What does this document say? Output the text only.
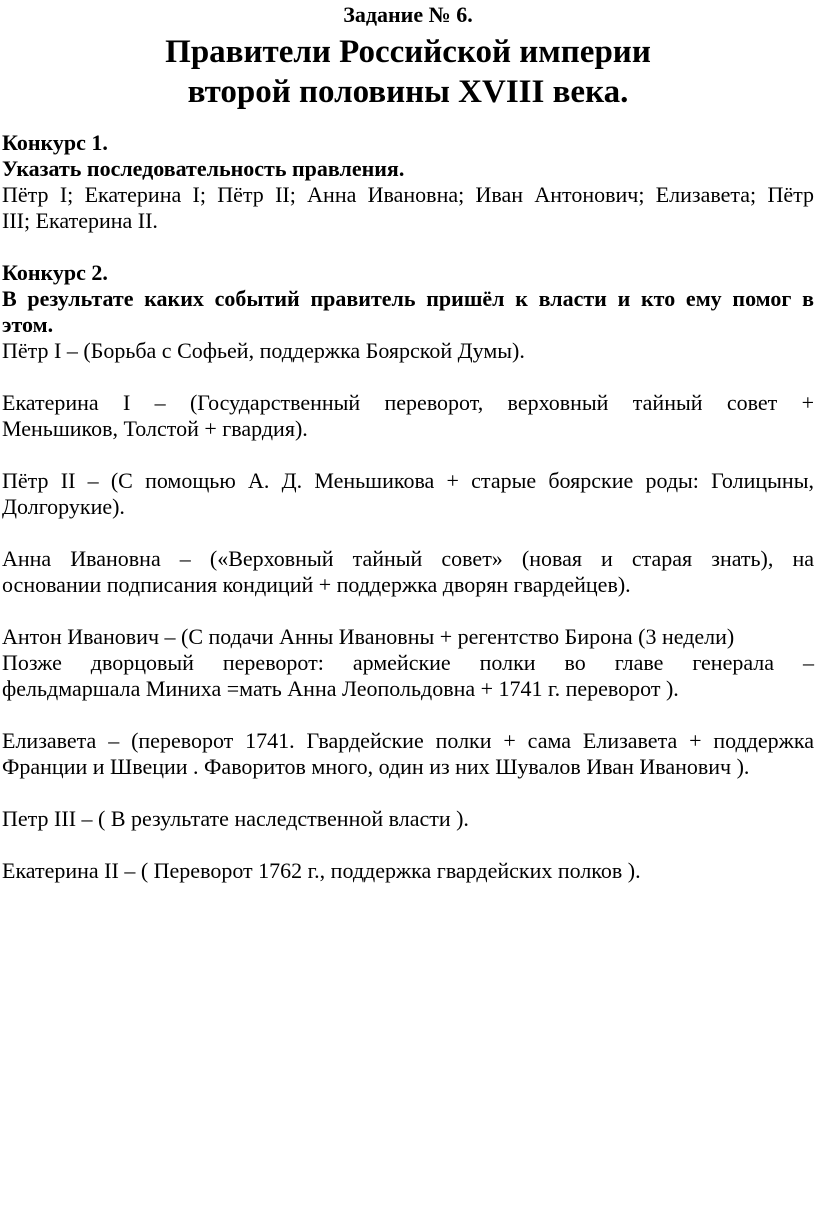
Задание № 6.

Правители Российской империи
второй половины XVIII века.

Конкурс 1.

Указать последовательность правления.

Пётр I; Екатерина I; Пётр II; Анна Ивановна; Иван Антонович; Елизавета; Пётр
III; Екатерина II.

Конкурс 2.

В результате каких событий правитель пришёл к власти и кто ему помог в
этом.

Пётр I – (Борьба с Софьей, поддержка Боярской Думы).

Екатерина I – (Государственный переворот, верховный тайный совет +
Меньшиков, Толстой + гвардия).

Пётр II – (С помощью А. Д. Меньшикова + старые боярские роды: Голицыны,
Долгорукие).

Анна Ивановна – («Верховный тайный совет» (новая и старая знать), на
основании подписания кондиций + поддержка дворян гвардейцев).

Антон Иванович – (С подачи Анны Ивановны + регентство Бирона (3 недели)
Позже дворцовый переворот: армейские полки во главе генерала –
фельдмаршала Миниха =мать Анна Леопольдовна + 1741 г. переворот ).

Елизавета – (переворот 1741. Гвардейские полки + сама Елизавета + поддержка
Франции и Швеции . Фаворитов много, один из них Шувалов Иван Иванович ).

Петр III – ( В результате наследственной власти ).

Екатерина II – ( Переворот 1762 г., поддержка гвардейских полков ).
